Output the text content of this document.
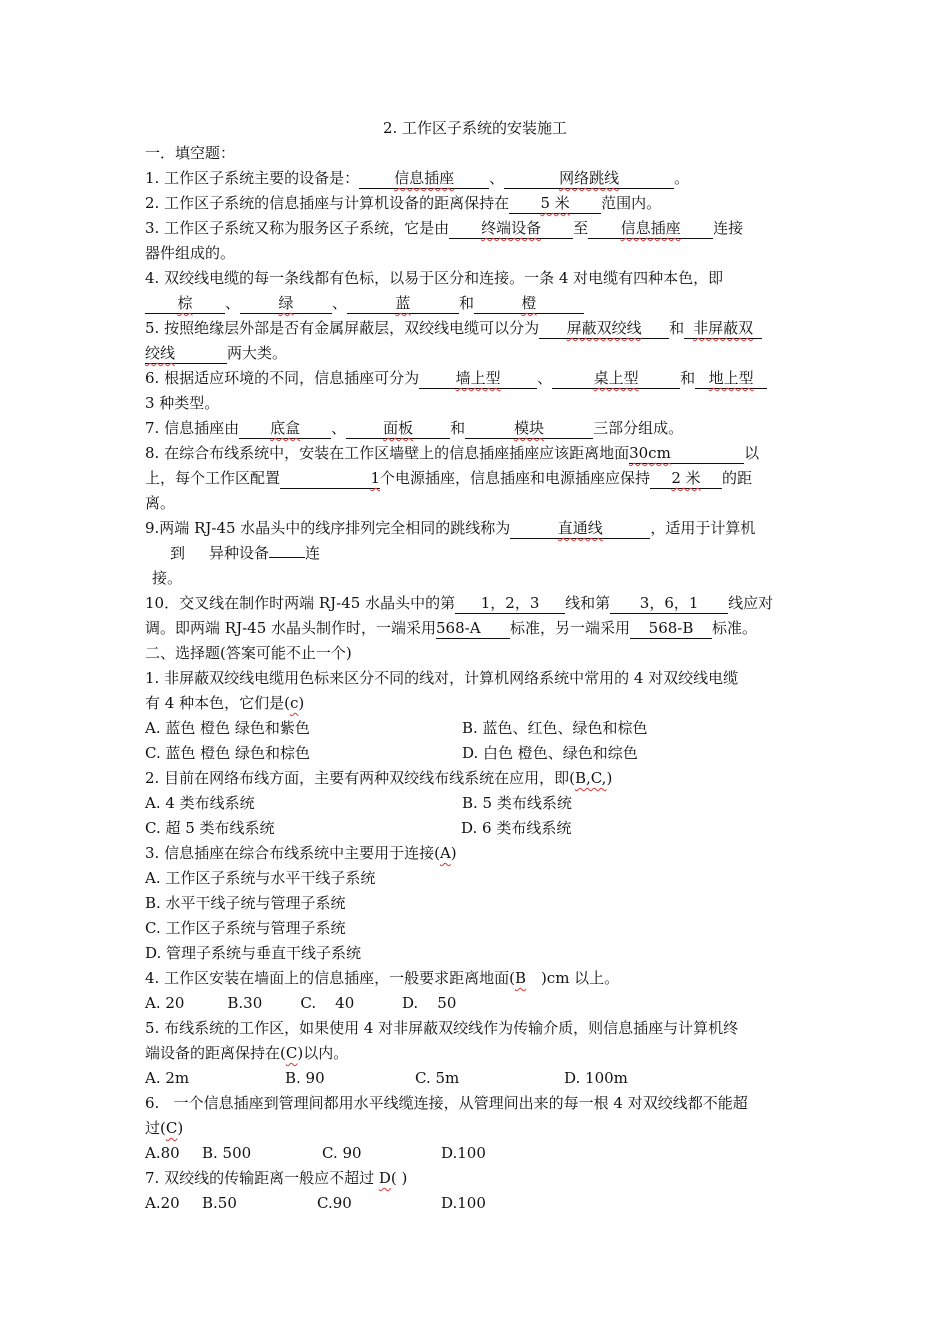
2. 工作区子系统的安装施工
一．填空题：
1. 工作区子系统主要的设备是： 信息插座 、	网络跳线	。
2. 工作区子系统的信息插座与计算机设备的距离保持在 5 米 范围内。
3. 工作区子系统又称为服务区子系统，它是由 终端设备 至 信息插座 连接
器件组成的。
4. 双绞线电缆的每一条线都有色标，以易于区分和连接。一条 4 对电缆有四种本色，即
棕 、	绿	、	蓝	和	橙
5. 按照绝缘层外部是否有金属屏蔽层，双绞线电缆可以分为 屏蔽双绞线 和 非屏蔽双
绞线	两大类。
6. 根据适应环境的不同，信息插座可分为 墙上型 、	桌上型	和 地上型
3 种类型。
7. 信息插座由 底盒 、 面板 和	模块	三部分组成。
8. 在综合布线系统中，安装在工作区墙壁上的信息插座插座应该距离地面30cm	以
上，每个工作区配置	1个电源插座，信息插座和电源插座应保持 2 米 的距
离。
9.两端 RJ-45 水晶头中的线序排列完全相同的跳线称为	直通线	，适用于计算机
到 异种设备 连
接。
10．交叉线在制作时两端 RJ-45 水晶头中的第 1，2，3 线和第 3，6，1 线应对
调。即两端 RJ-45 水晶头制作时，一端采用568-A 标准，另一端采用 568-B 标准。
二、选择题(答案可能不止一个)
1. 非屏蔽双绞线电缆用色标来区分不同的线对，计算机网络系统中常用的 4 对双绞线电缆
有 4 种本色，它们是(c)
A. 蓝色 橙色 绿色和紫色	B. 蓝色、红色、绿色和棕色
C. 蓝色 橙色 绿色和棕色	D. 白色 橙色、绿色和综色
2. 目前在网络布线方面，主要有两种双绞线布线系统在应用，即(B,C,)
A. 4 类布线系统	B. 5 类布线系统
C. 超 5 类布线系统	D. 6 类布线系统
3. 信息插座在综合布线系统中主要用于连接(A)
A. 工作区子系统与水平干线子系统
B. 水平干线子统与管理子系统
C. 工作区子系统与管理子系统
D. 管理子系统与垂直干线子系统
4. 工作区安装在墙面上的信息插座，一般要求距离地面(B )cm 以上。
A. 20         B.30        C.    40          D.    50
5. 布线系统的工作区，如果使用 4 对非屏蔽双绞线作为传输介质，则信息插座与计算机终
端设备的距离保持在(C)以内。
A. 2m	B. 90	C. 5m	D. 100m
6.   一个信息插座到管理间都用水平线缆连接，从管理间出来的每一根 4 对双绞线都不能超
过(C)
A.80 B. 500	C. 90	D.100
7. 双绞线的传输距离一般应不超过 D( )
A.20 B.50	C.90	D.100
